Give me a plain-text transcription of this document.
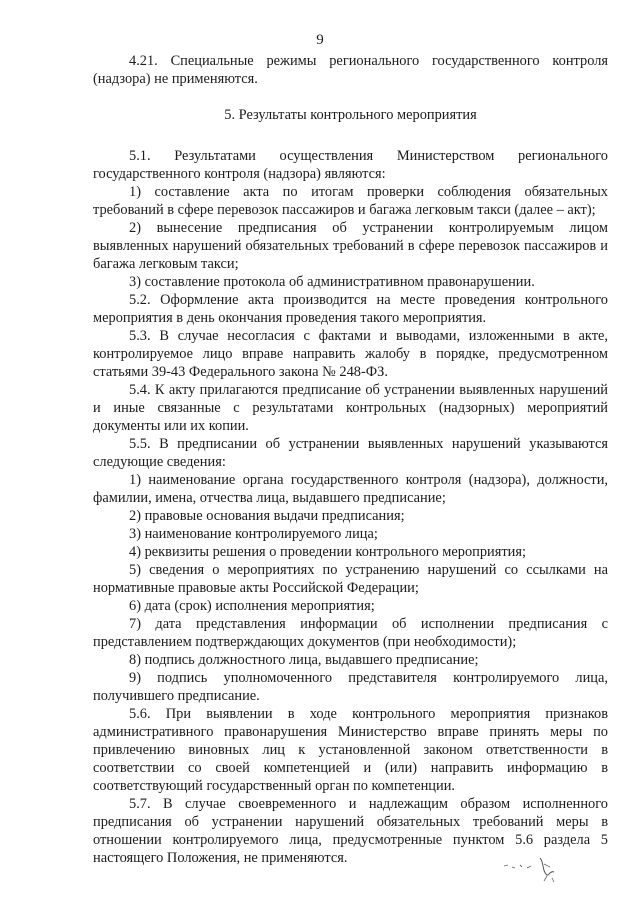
9

4.21. Специальные режимы регионального государственного контроля (надзора) не применяются.

5. Результаты контрольного мероприятия

5.1. Результатами осуществления Министерством регионального государственного контроля (надзора) являются:

1) составление акта по итогам проверки соблюдения обязательных требований в сфере перевозок пассажиров и багажа легковым такси (далее – акт);
2) вынесение предписания об устранении контролируемым лицом выявленных нарушений обязательных требований в сфере перевозок пассажиров и багажа легковым такси;
3) составление протокола об административном правонарушении.

5.2. Оформление акта производится на месте проведения контрольного мероприятия в день окончания проведения такого мероприятия.

5.3. В случае несогласия с фактами и выводами, изложенными в акте, контролируемое лицо вправе направить жалобу в порядке, предусмотренном статьями 39-43 Федерального закона № 248-ФЗ.

5.4. К акту прилагаются предписание об устранении выявленных нарушений и иные связанные с результатами контрольных (надзорных) мероприятий документы или их копии.

5.5. В предписании об устранении выявленных нарушений указываются следующие сведения:

1) наименование органа государственного контроля (надзора), должности, фамилии, имена, отчества лица, выдавшего предписание;
2) правовые основания выдачи предписания;
3) наименование контролируемого лица;
4) реквизиты решения о проведении контрольного мероприятия;
5) сведения о мероприятиях по устранению нарушений со ссылками на нормативные правовые акты Российской Федерации;
6) дата (срок) исполнения мероприятия;
7) дата представления информации об исполнении предписания с представлением подтверждающих документов (при необходимости);
8) подпись должностного лица, выдавшего предписание;
9) подпись уполномоченного представителя контролируемого лица, получившего предписание.

5.6. При выявлении в ходе контрольного мероприятия признаков административного правонарушения Министерство вправе принять меры по привлечению виновных лиц к установленной законом ответственности в соответствии со своей компетенцией и (или) направить информацию в соответствующий государственный орган по компетенции.

5.7. В случае своевременного и надлежащим образом исполненного предписания об устранении нарушений обязательных требований меры в отношении контролируемого лица, предусмотренные пунктом 5.6 раздела 5 настоящего Положения, не применяются.
